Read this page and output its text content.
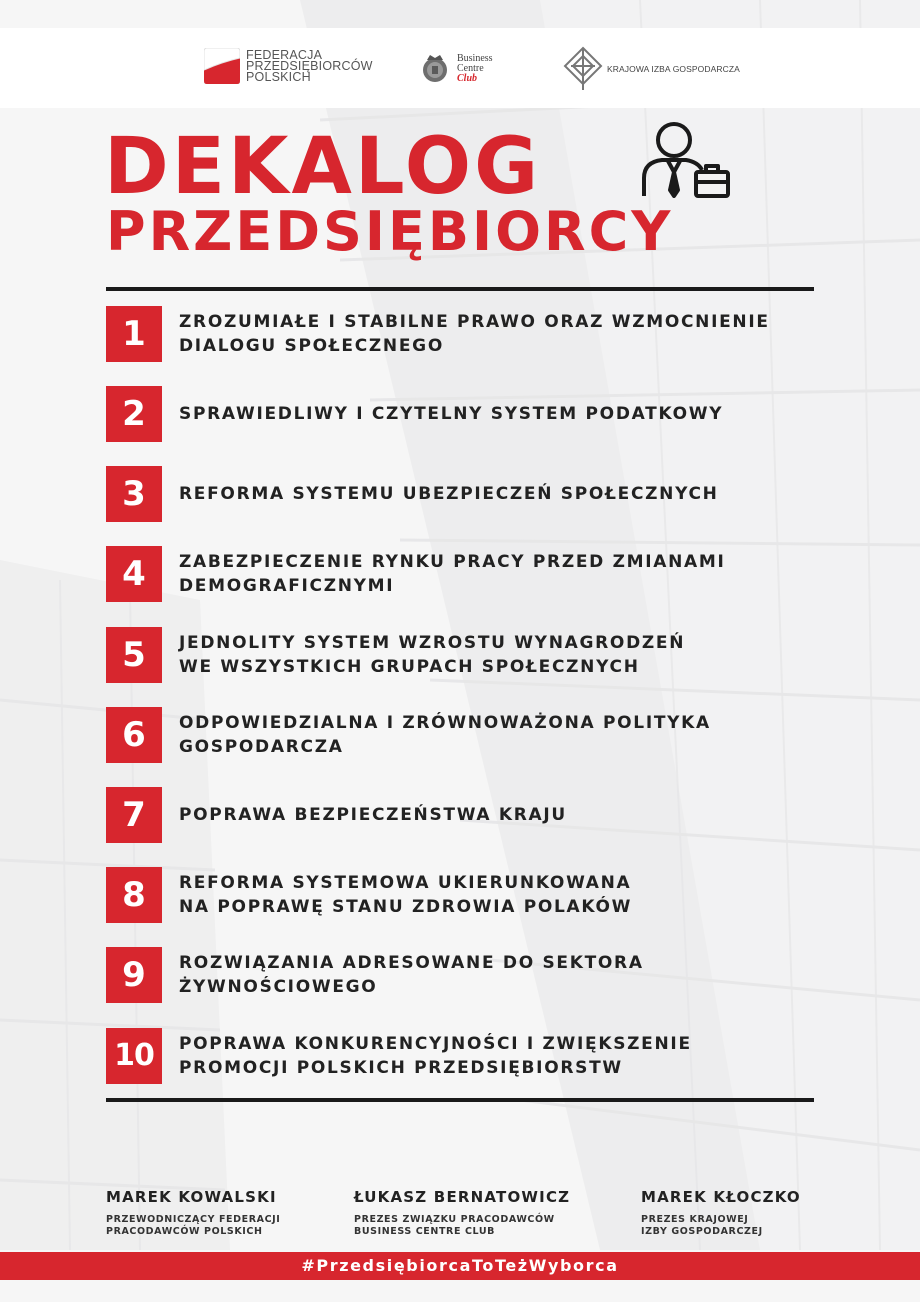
FEDERACJA
PRZEDSIĘBIORCÓW
POLSKICH
Business
Centre
Club
KRAJOWA IZBA GOSPODARCZA
DEKALOG
PRZEDSIĘBIORCY
1	ZROZUMIAŁE I STABILNE PRAWO ORAZ WZMOCNIENIE
DIALOGU SPOŁECZNEGO
2	SPRAWIEDLIWY I CZYTELNY SYSTEM PODATKOWY
3	REFORMA SYSTEMU UBEZPIECZEŃ SPOŁECZNYCH
4	ZABEZPIECZENIE RYNKU PRACY PRZED ZMIANAMI
DEMOGRAFICZNYMI
5	JEDNOLITY SYSTEM WZROSTU WYNAGRODZEŃ
WE WSZYSTKICH GRUPACH SPOŁECZNYCH
6	ODPOWIEDZIALNA I ZRÓWNOWAŻONA POLITYKA
GOSPODARCZA
7	POPRAWA BEZPIECZEŃSTWA KRAJU
8	REFORMA SYSTEMOWA UKIERUNKOWANA
NA POPRAWĘ STANU ZDROWIA POLAKÓW
9	ROZWIĄZANIA ADRESOWANE DO SEKTORA
ŻYWNOŚCIOWEGO
10	POPRAWA KONKURENCYJNOŚCI I ZWIĘKSZENIE
PROMOCJI POLSKICH PRZEDSIĘBIORSTW
MAREK KOWALSKI
PRZEWODNICZĄCY FEDERACJI
PRACODAWCÓW POLSKICH
ŁUKASZ BERNATOWICZ
PREZES ZWIĄZKU PRACODAWCÓW
BUSINESS CENTRE CLUB
MAREK KŁOCZKO
PREZES KRAJOWEJ
IZBY GOSPODARCZEJ
#PrzedsiębiorcaToTeżWyborca
